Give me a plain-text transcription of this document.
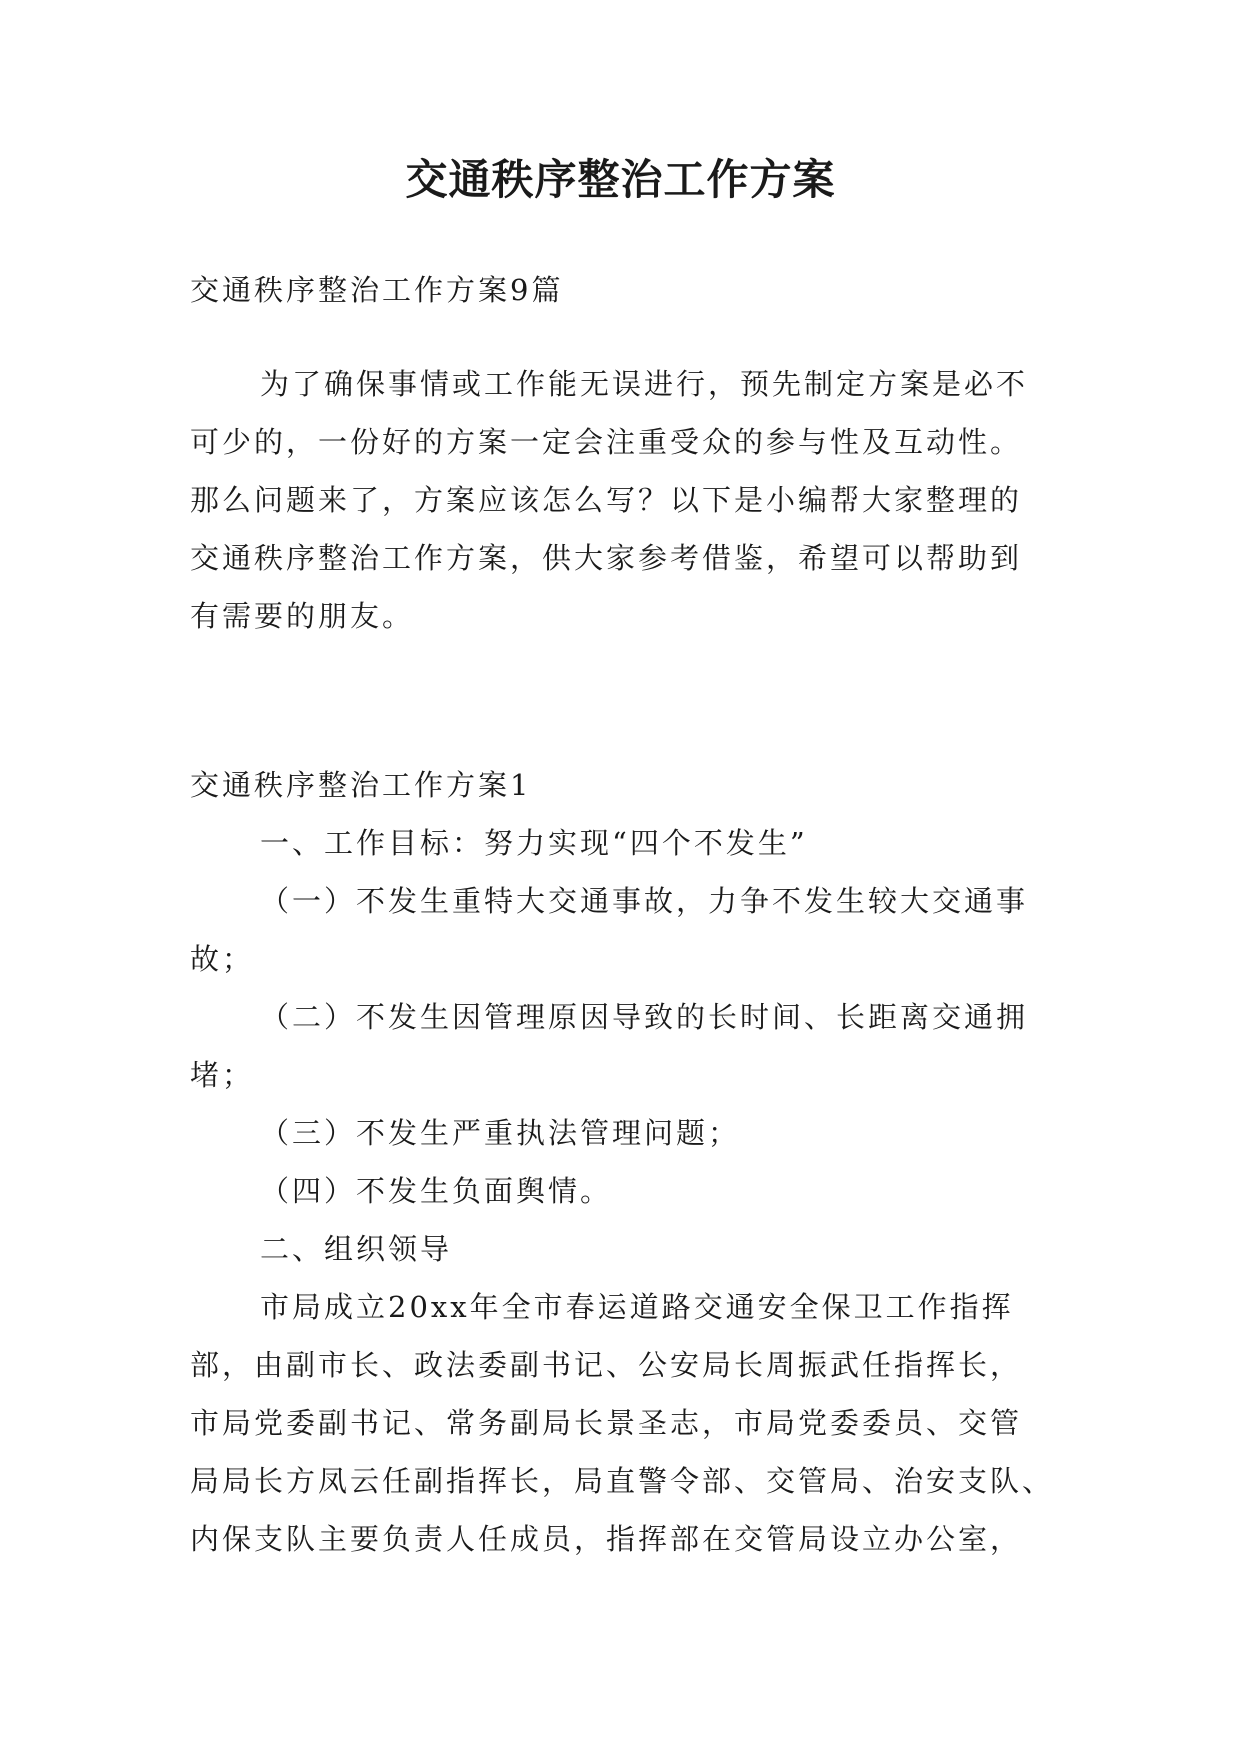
交通秩序整治工作方案
交通秩序整治工作方案9篇
为了确保事情或工作能无误进行，预先制定方案是必不
可少的，一份好的方案一定会注重受众的参与性及互动性。
那么问题来了，方案应该怎么写？以下是小编帮大家整理的
交通秩序整治工作方案，供大家参考借鉴，希望可以帮助到
有需要的朋友。
交通秩序整治工作方案1
一、工作目标：努力实现“四个不发生”
（一）不发生重特大交通事故，力争不发生较大交通事
故；
（二）不发生因管理原因导致的长时间、长距离交通拥
堵；
（三）不发生严重执法管理问题；
（四）不发生负面舆情。
二、组织领导
市局成立20xx年全市春运道路交通安全保卫工作指挥
部，由副市长、政法委副书记、公安局长周振武任指挥长，
市局党委副书记、常务副局长景圣志，市局党委委员、交管
局局长方凤云任副指挥长，局直警令部、交管局、治安支队、
内保支队主要负责人任成员，指挥部在交管局设立办公室，
